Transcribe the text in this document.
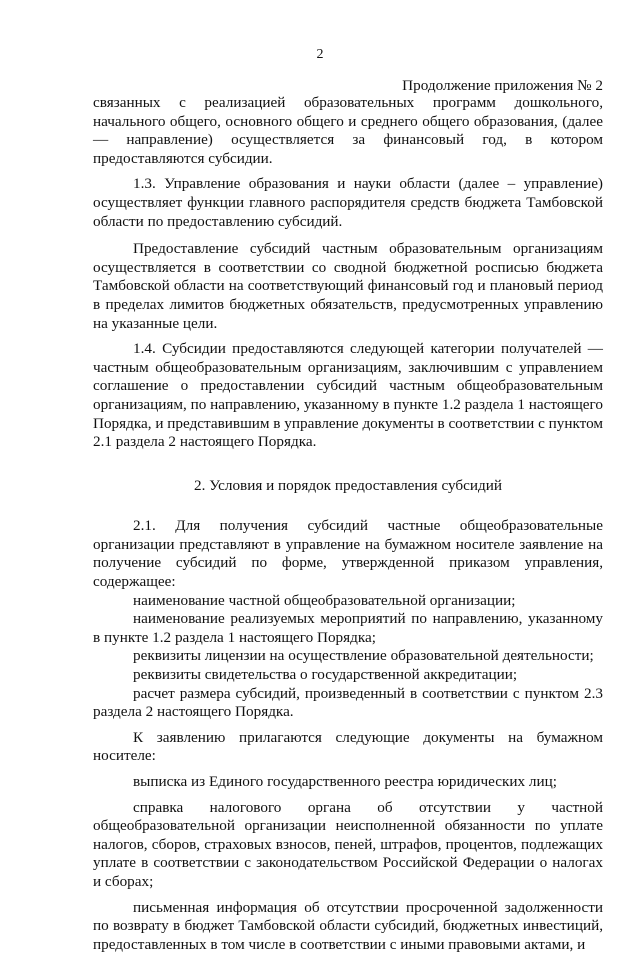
2
Продолжение приложения № 2

связанных с реализацией образовательных программ дошкольного, начального общего, основного общего и среднего общего образования, (далее — направление) осуществляется за финансовый год, в котором предоставляются субсидии.

1.3. Управление образования и науки области (далее – управление) осуществляет функции главного распорядителя средств бюджета Тамбовской области по предоставлению субсидий.

Предоставление субсидий частным образовательным организациям осуществляется в соответствии со сводной бюджетной росписью бюджета Тамбовской области на соответствующий финансовый год и плановый период в пределах лимитов бюджетных обязательств, предусмотренных управлению на указанные цели.

1.4. Субсидии предоставляются следующей категории получателей — частным общеобразовательным организациям, заключившим с управлением соглашение о предоставлении субсидий частным общеобразовательным организациям, по направлению, указанному в пункте 1.2 раздела 1 настоящего Порядка, и представившим в управление документы в соответствии с пунктом 2.1 раздела 2 настоящего Порядка.

2. Условия и порядок предоставления субсидий

2.1. Для получения субсидий частные общеобразовательные организации представляют в управление на бумажном носителе заявление на получение субсидий по форме, утвержденной приказом управления, содержащее:

наименование частной общеобразовательной организации;

наименование реализуемых мероприятий по направлению, указанному в пункте 1.2 раздела 1 настоящего Порядка;

реквизиты лицензии на осуществление образовательной деятельности;

реквизиты свидетельства о государственной аккредитации;

расчет размера субсидий, произведенный в соответствии с пунктом 2.3 раздела 2 настоящего Порядка.

К заявлению прилагаются следующие документы на бумажном носителе:

выписка из Единого государственного реестра юридических лиц;

справка налогового органа об отсутствии у частной общеобразовательной организации неисполненной обязанности по уплате налогов, сборов, страховых взносов, пеней, штрафов, процентов, подлежащих уплате в соответствии с законодательством Российской Федерации о налогах и сборах;

письменная информация об отсутствии просроченной задолженности по возврату в бюджет Тамбовской области субсидий, бюджетных инвестиций, предоставленных в том числе в соответствии с иными правовыми актами, и
